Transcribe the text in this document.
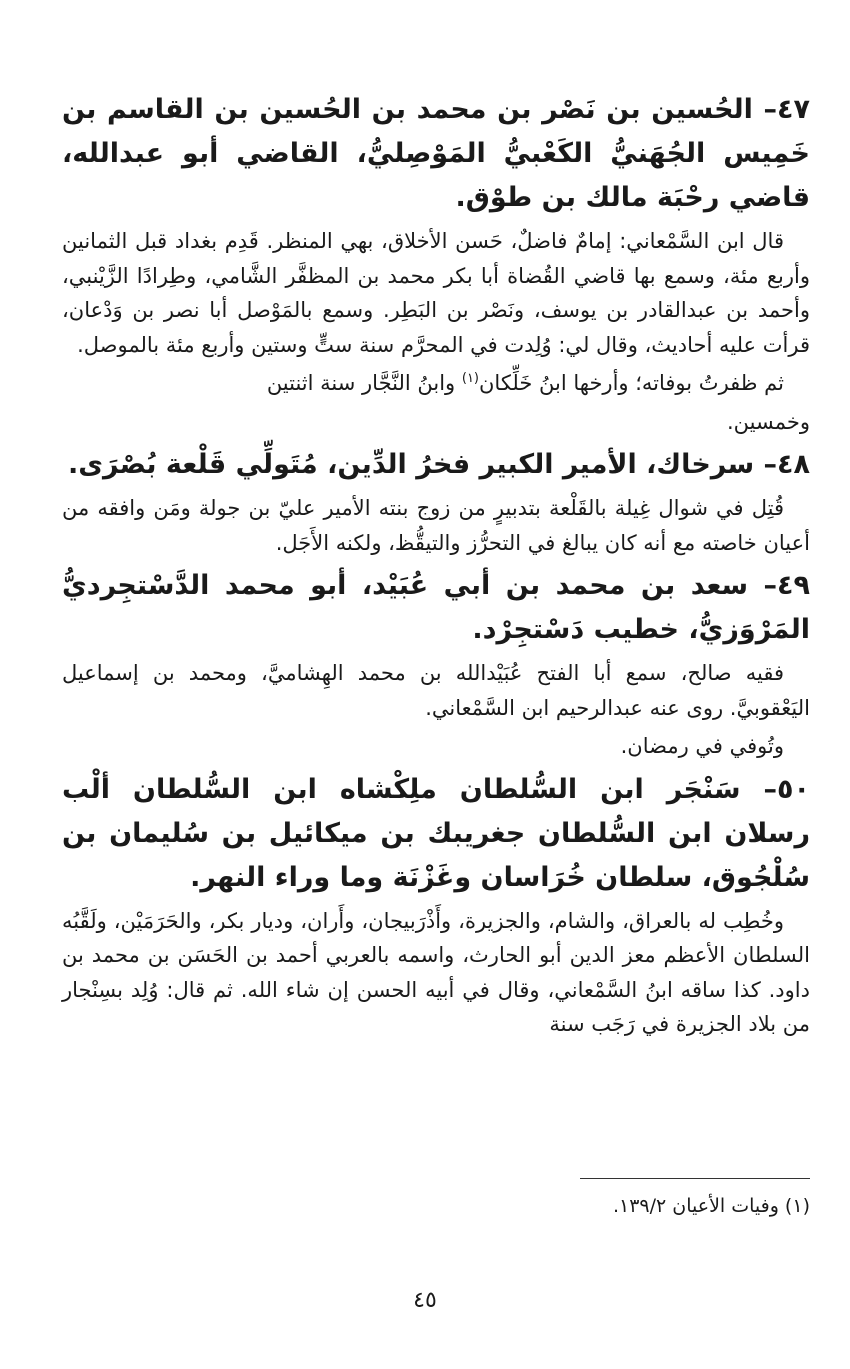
٤٧– الحُسين بن نَصْر بن محمد بن الحُسين بن القاسم بن خَمِيس الجُهَنيُّ الكَعْبيُّ المَوْصِليُّ، القاضي أبو عبدالله، قاضي رحْبَة مالك بن طوْق.
قال ابن السَّمْعاني: إمامٌ فاضلٌ، حَسن الأخلاق، بهي المنظر. قَدِم بغداد قبل الثمانين وأربع مئة، وسمع بها قاضي القُضاة أبا بكر محمد بن المظفَّر الشَّامي، وطِرادًا الزَّيْنبي، وأحمد بن عبدالقادر بن يوسف، ونَصْر بن البَطِر. وسمع بالمَوْصل أبا نصر بن وَدْعان، قرأت عليه أحاديث، وقال لي: وُلِدت في المحرَّم سنة ستٍّ وستين وأربع مئة بالموصل.
ثم ظفرتُ بوفاته؛ وأرخها ابنُ خَلِّكان$^{(١)}$ وابنُ النَّجَّار سنة اثنتين
وخمسين.
٤٨– سرخاك، الأمير الكبير فخرُ الدِّين، مُتَولِّي قَلْعة بُصْرَى.
قُتِل في شوال غِيلة بالقَلْعة بتدبيرٍ من زوج بنته الأمير عليّ بن جولة ومَن وافقه من أعيان خاصته مع أنه كان يبالغ في التحرُّز والتيقُّظ، ولكنه الأَجَل.
٤٩– سعد بن محمد بن أبي عُبَيْد، أبو محمد الدَّسْتجِرديُّ المَرْوَزيُّ، خطيب دَسْتجِرْد.
فقيه صالح، سمع أبا الفتح عُبَيْدالله بن محمد الهِشاميَّ، ومحمد بن إسماعيل اليَعْقوبيَّ. روى عنه عبدالرحيم ابن السَّمْعاني.
وتُوفي في رمضان.
٥٠– سَنْجَر ابن السُّلطان ملِكْشاه ابن السُّلطان ألْب رسلان ابن السُّلطان جغريبك بن ميكائيل بن سُليمان بن سُلْجُوق، سلطان خُرَاسان وغَزْنَة وما وراء النهر.
وخُطِب له بالعراق، والشام، والجزيرة، وأَذْرَبيجان، وأَران، وديار بكر، والحَرَمَيْن، ولَقَّبُه السلطان الأعظم معز الدين أبو الحارث، واسمه بالعربي أحمد بن الحَسَن بن محمد بن داود. كذا ساقه ابنُ السَّمْعاني، وقال في أبيه الحسن إن شاء الله. ثم قال: وُلِد بسِنْجار من بلاد الجزيرة في رَجَب سنة
(١) وفيات الأعيان ١٣٩/٢.
٤٥
